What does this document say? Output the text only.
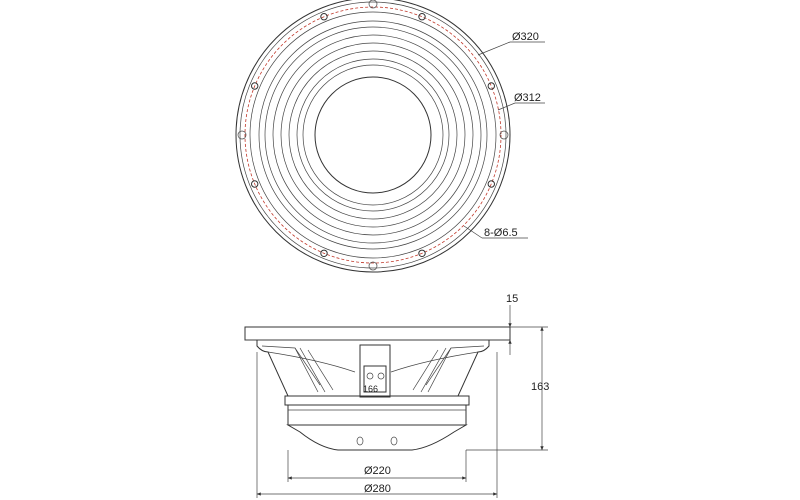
Ø320
Ø312
8-Ø6.5
166
Ø220
Ø280
163
15
